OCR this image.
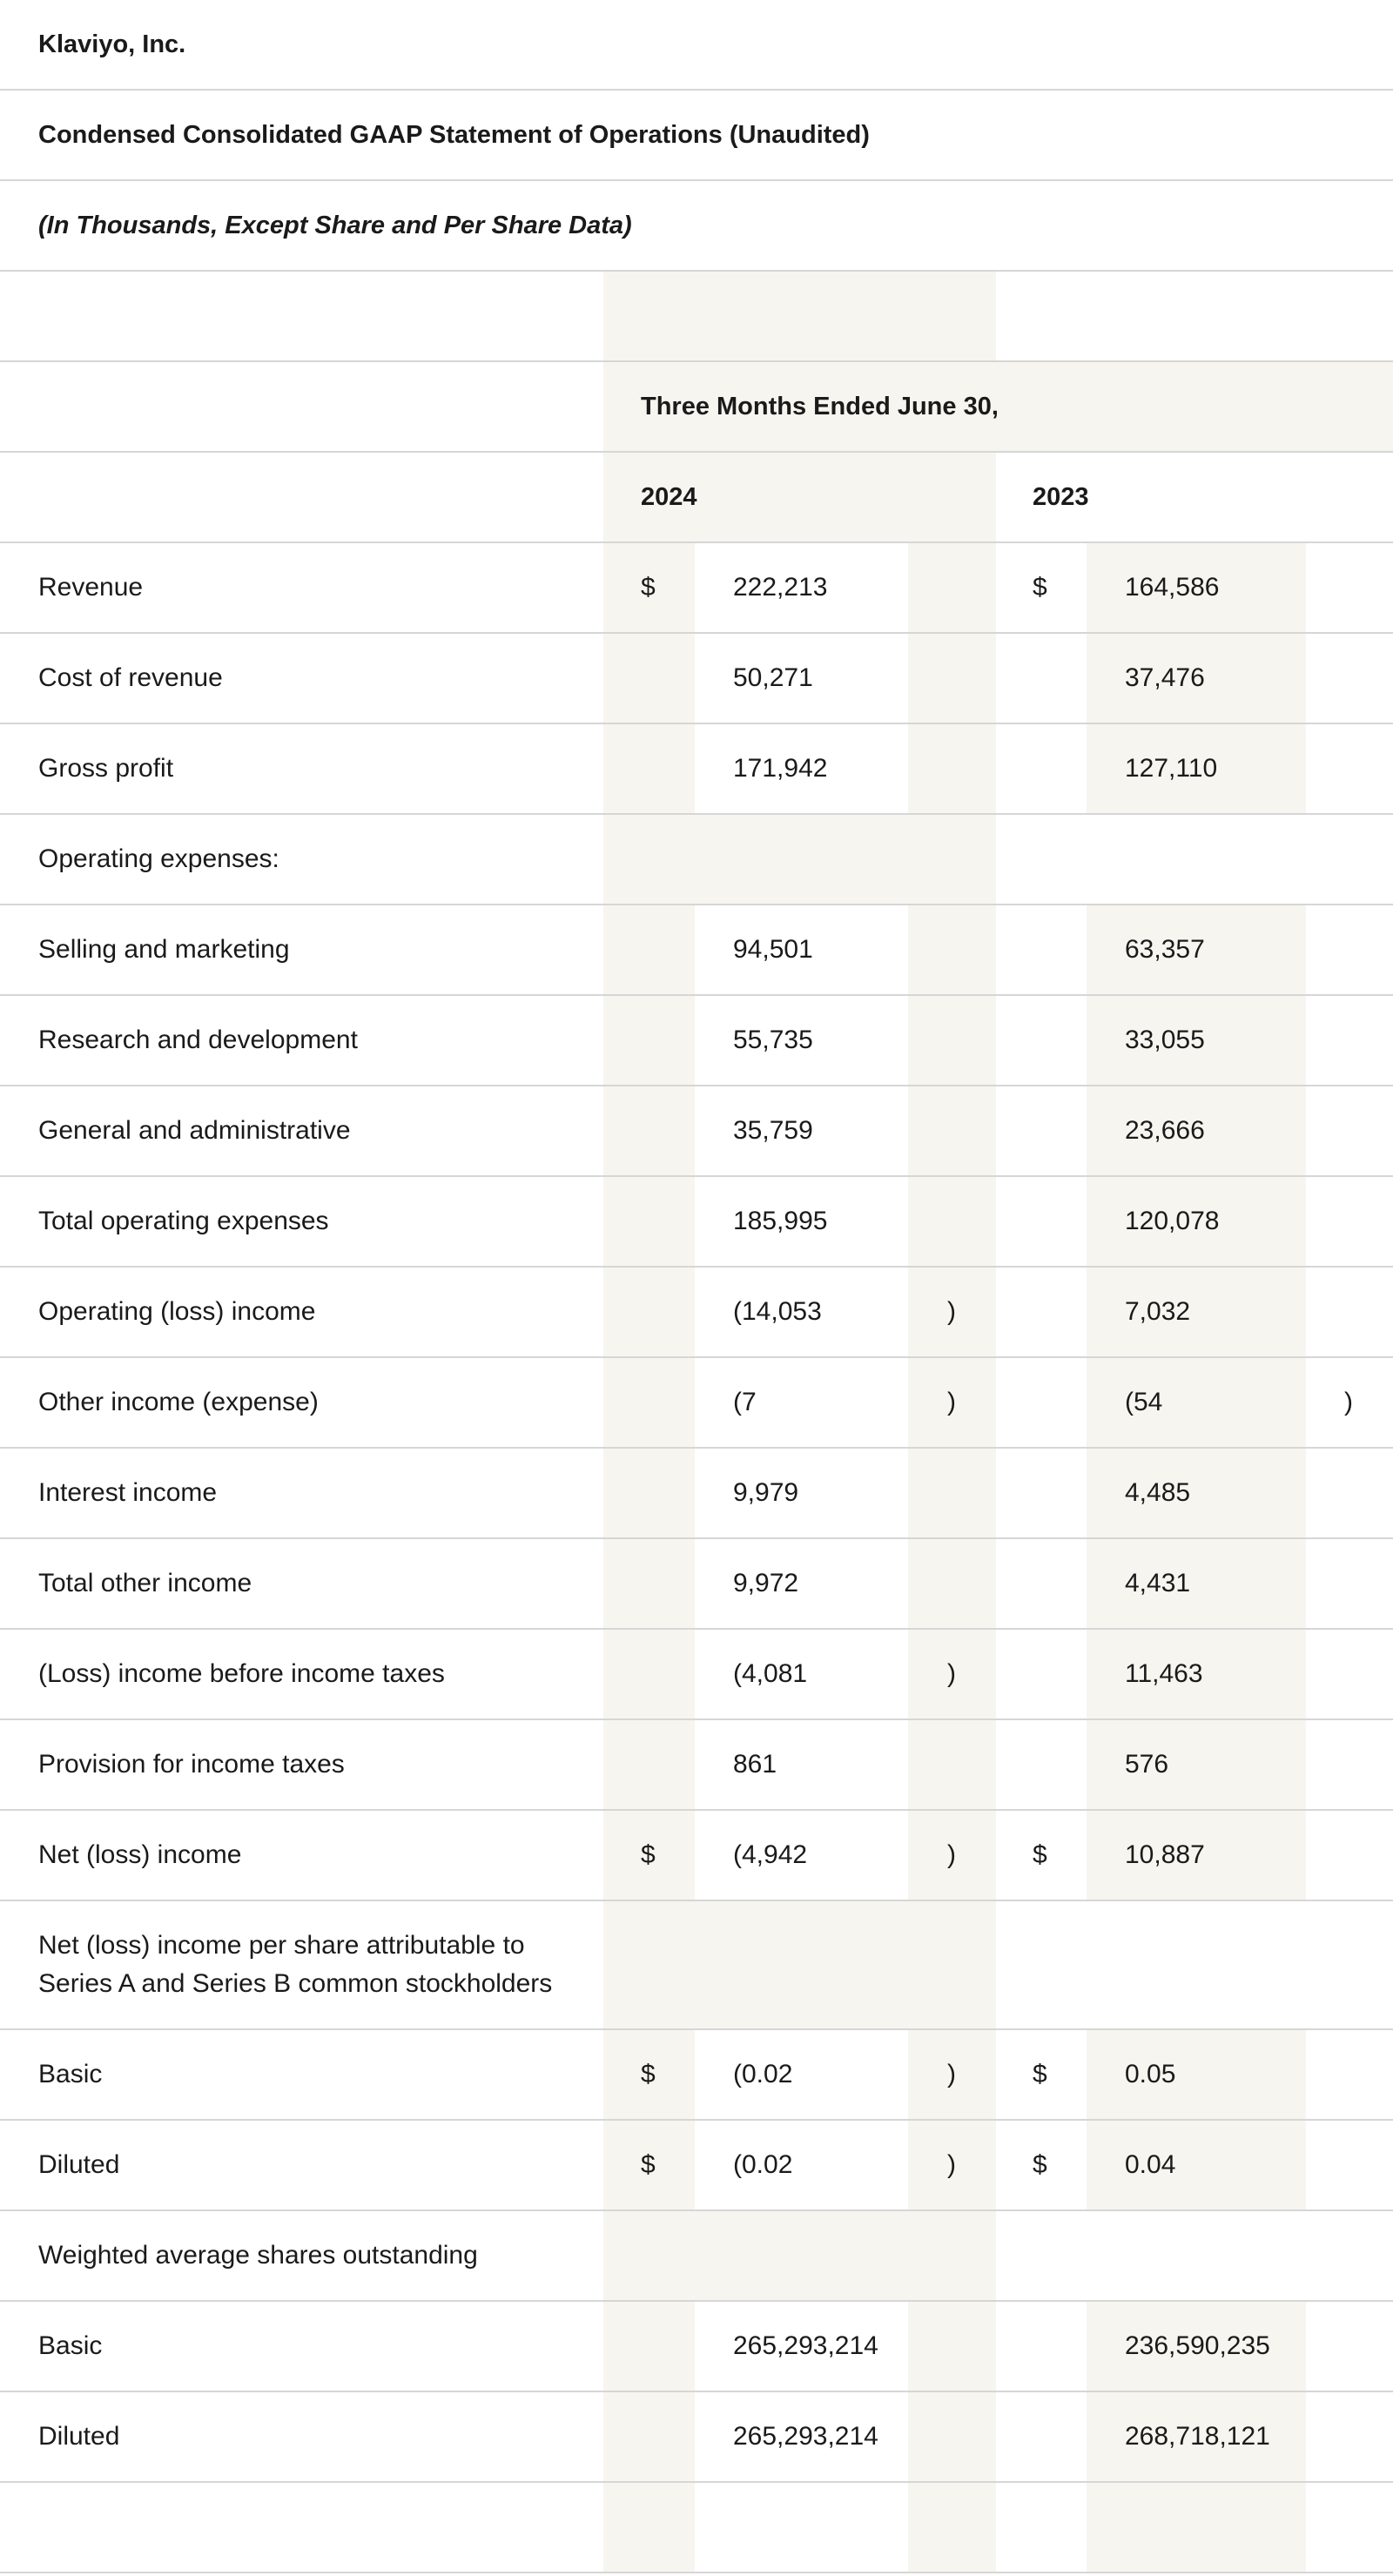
Klaviyo, Inc.
Condensed Consolidated GAAP Statement of Operations (Unaudited)
(In Thousands, Except Share and Per Share Data)
Three Months Ended June 30,
2024	2023
Revenue	$	222,213	$	164,586
Cost of revenue	50,271	37,476
Gross profit	171,942	127,110
Operating expenses:
Selling and marketing	94,501	63,357
Research and development	55,735	33,055
General and administrative	35,759	23,666
Total operating expenses	185,995	120,078
Operating (loss) income	(14,053	)	7,032
Other income (expense)	(7	)	(54	)
Interest income	9,979	4,485
Total other income	9,972	4,431
(Loss) income before income taxes	(4,081	)	11,463
Provision for income taxes	861	576
Net (loss) income	$	(4,942	)	$	10,887
Net (loss) income per share attributable to Series A and Series B common stockholders
Basic	$	(0.02	)	$	0.05
Diluted	$	(0.02	)	$	0.04
Weighted average shares outstanding
Basic	265,293,214	236,590,235
Diluted	265,293,214	268,718,121
